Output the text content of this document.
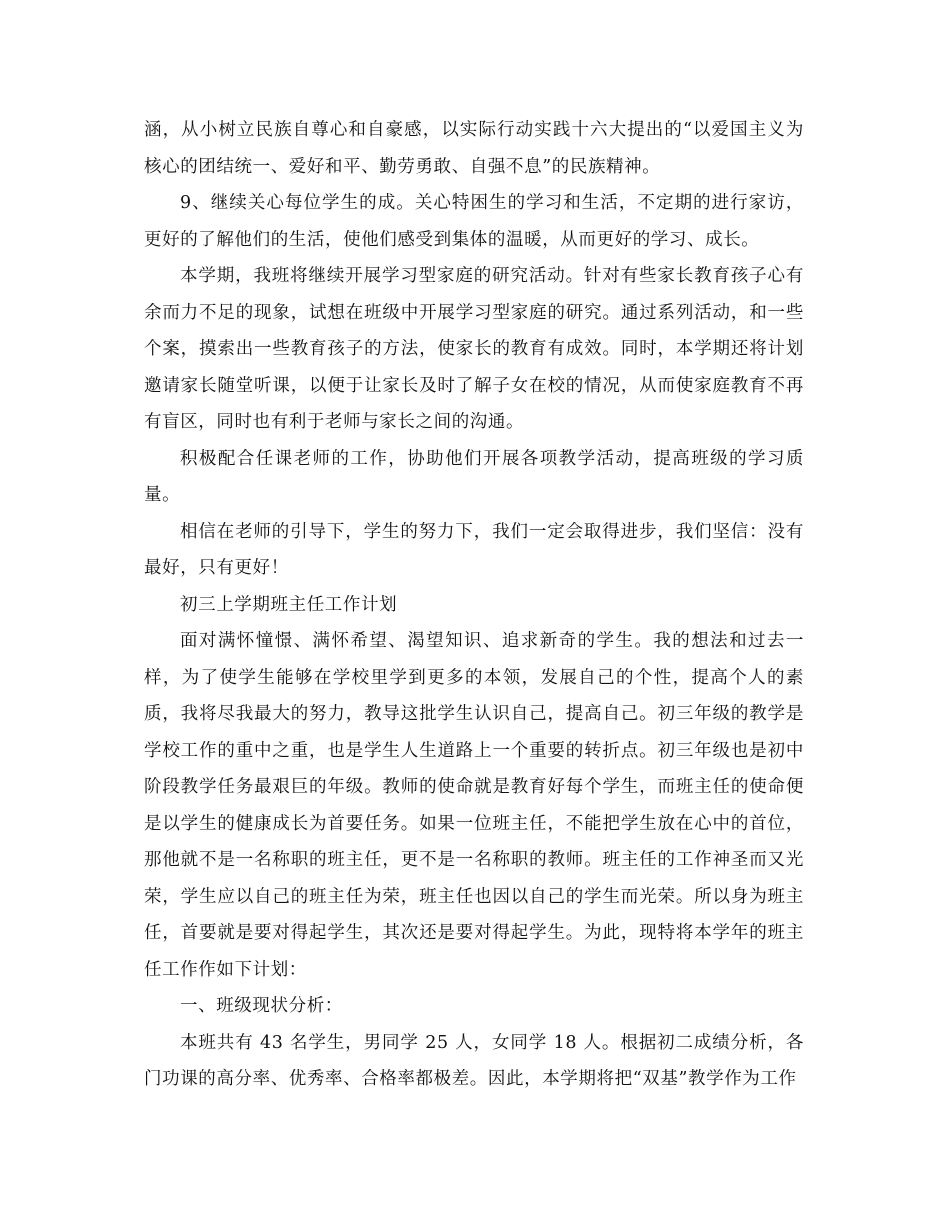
涵，从小树立民族自尊心和自豪感，以实际行动实践十六大提出的“以爱国主义为核心的团结统一、爱好和平、勤劳勇敢、自强不息”的民族精神。

9、继续关心每位学生的成。关心特困生的学习和生活，不定期的进行家访，更好的了解他们的生活，使他们感受到集体的温暖，从而更好的学习、成长。

本学期，我班将继续开展学习型家庭的研究活动。针对有些家长教育孩子心有余而力不足的现象，试想在班级中开展学习型家庭的研究。通过系列活动，和一些个案，摸索出一些教育孩子的方法，使家长的教育有成效。同时，本学期还将计划邀请家长随堂听课，以便于让家长及时了解子女在校的情况，从而使家庭教育不再有盲区，同时也有利于老师与家长之间的沟通。

积极配合任课老师的工作，协助他们开展各项教学活动，提高班级的学习质量。

相信在老师的引导下，学生的努力下，我们一定会取得进步，我们坚信：没有最好，只有更好！

初三上学期班主任工作计划

面对满怀憧憬、满怀希望、渴望知识、追求新奇的学生。我的想法和过去一样，为了使学生能够在学校里学到更多的本领，发展自己的个性，提高个人的素质，我将尽我最大的努力，教导这批学生认识自己，提高自己。初三年级的教学是学校工作的重中之重，也是学生人生道路上一个重要的转折点。初三年级也是初中阶段教学任务最艰巨的年级。教师的使命就是教育好每个学生，而班主任的使命便是以学生的健康成长为首要任务。如果一位班主任，不能把学生放在心中的首位，那他就不是一名称职的班主任，更不是一名称职的教师。班主任的工作神圣而又光荣，学生应以自己的班主任为荣，班主任也因以自己的学生而光荣。所以身为班主任，首要就是要对得起学生，其次还是要对得起学生。为此，现特将本学年的班主任工作作如下计划：

一、班级现状分析：

本班共有 43 名学生，男同学 25 人，女同学 18 人。根据初二成绩分析，各门功课的高分率、优秀率、合格率都极差。因此，本学期将把“双基”教学作为工作
